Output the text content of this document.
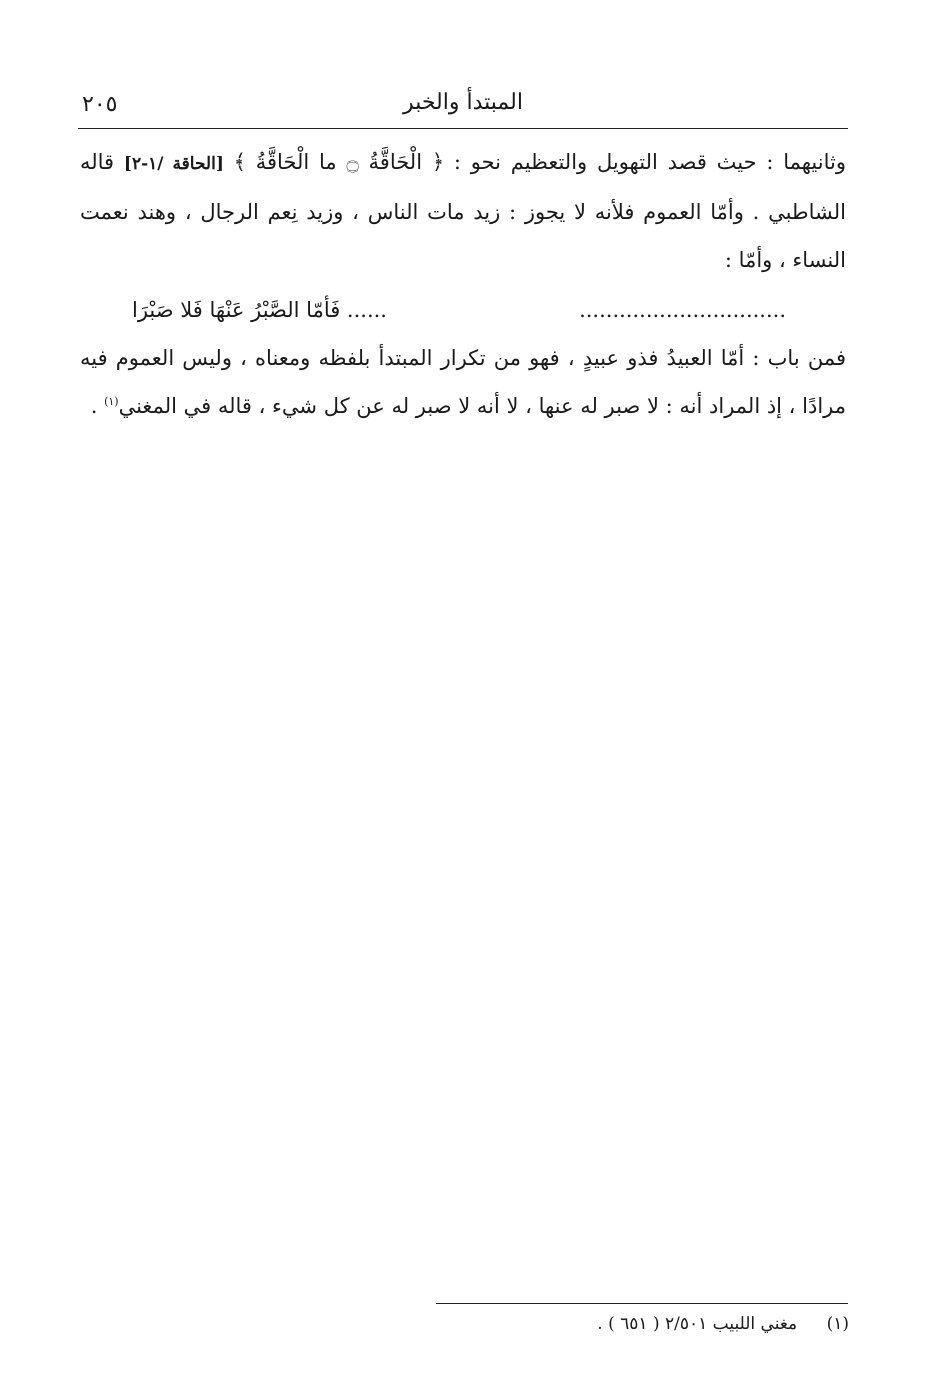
المبتدأ والخبر
٢٠٥

وثانيهما : حيث قصد التهويل والتعظيم نحو : ﴿ الْحَاقَّةُ ۝ ما الْحَاقَّةُ ﴾ [الحاقة /١-٢] قاله الشاطبي . وأمّا العموم فلأنه لا يجوز : زيد مات الناس ، وزيد نِعم الرجال ، وهند نعمت النساء ، وأمّا :

...............................
...... فَأمّا الصَّبْرُ عَنْهَا فَلا صَبْرَا

فمن باب : أمّا العبيدُ فذو عبيدٍ ، فهو من تكرار المبتدأ بلفظه ومعناه ، وليس العموم فيه مرادًا ، إذ المراد أنه : لا صبر له عنها ، لا أنه لا صبر له عن كل شيء ، قاله في المغني$^{(١)}$ .

(١) مغني اللبيب ٢/٥٠١ ( ٦٥١ ) .
